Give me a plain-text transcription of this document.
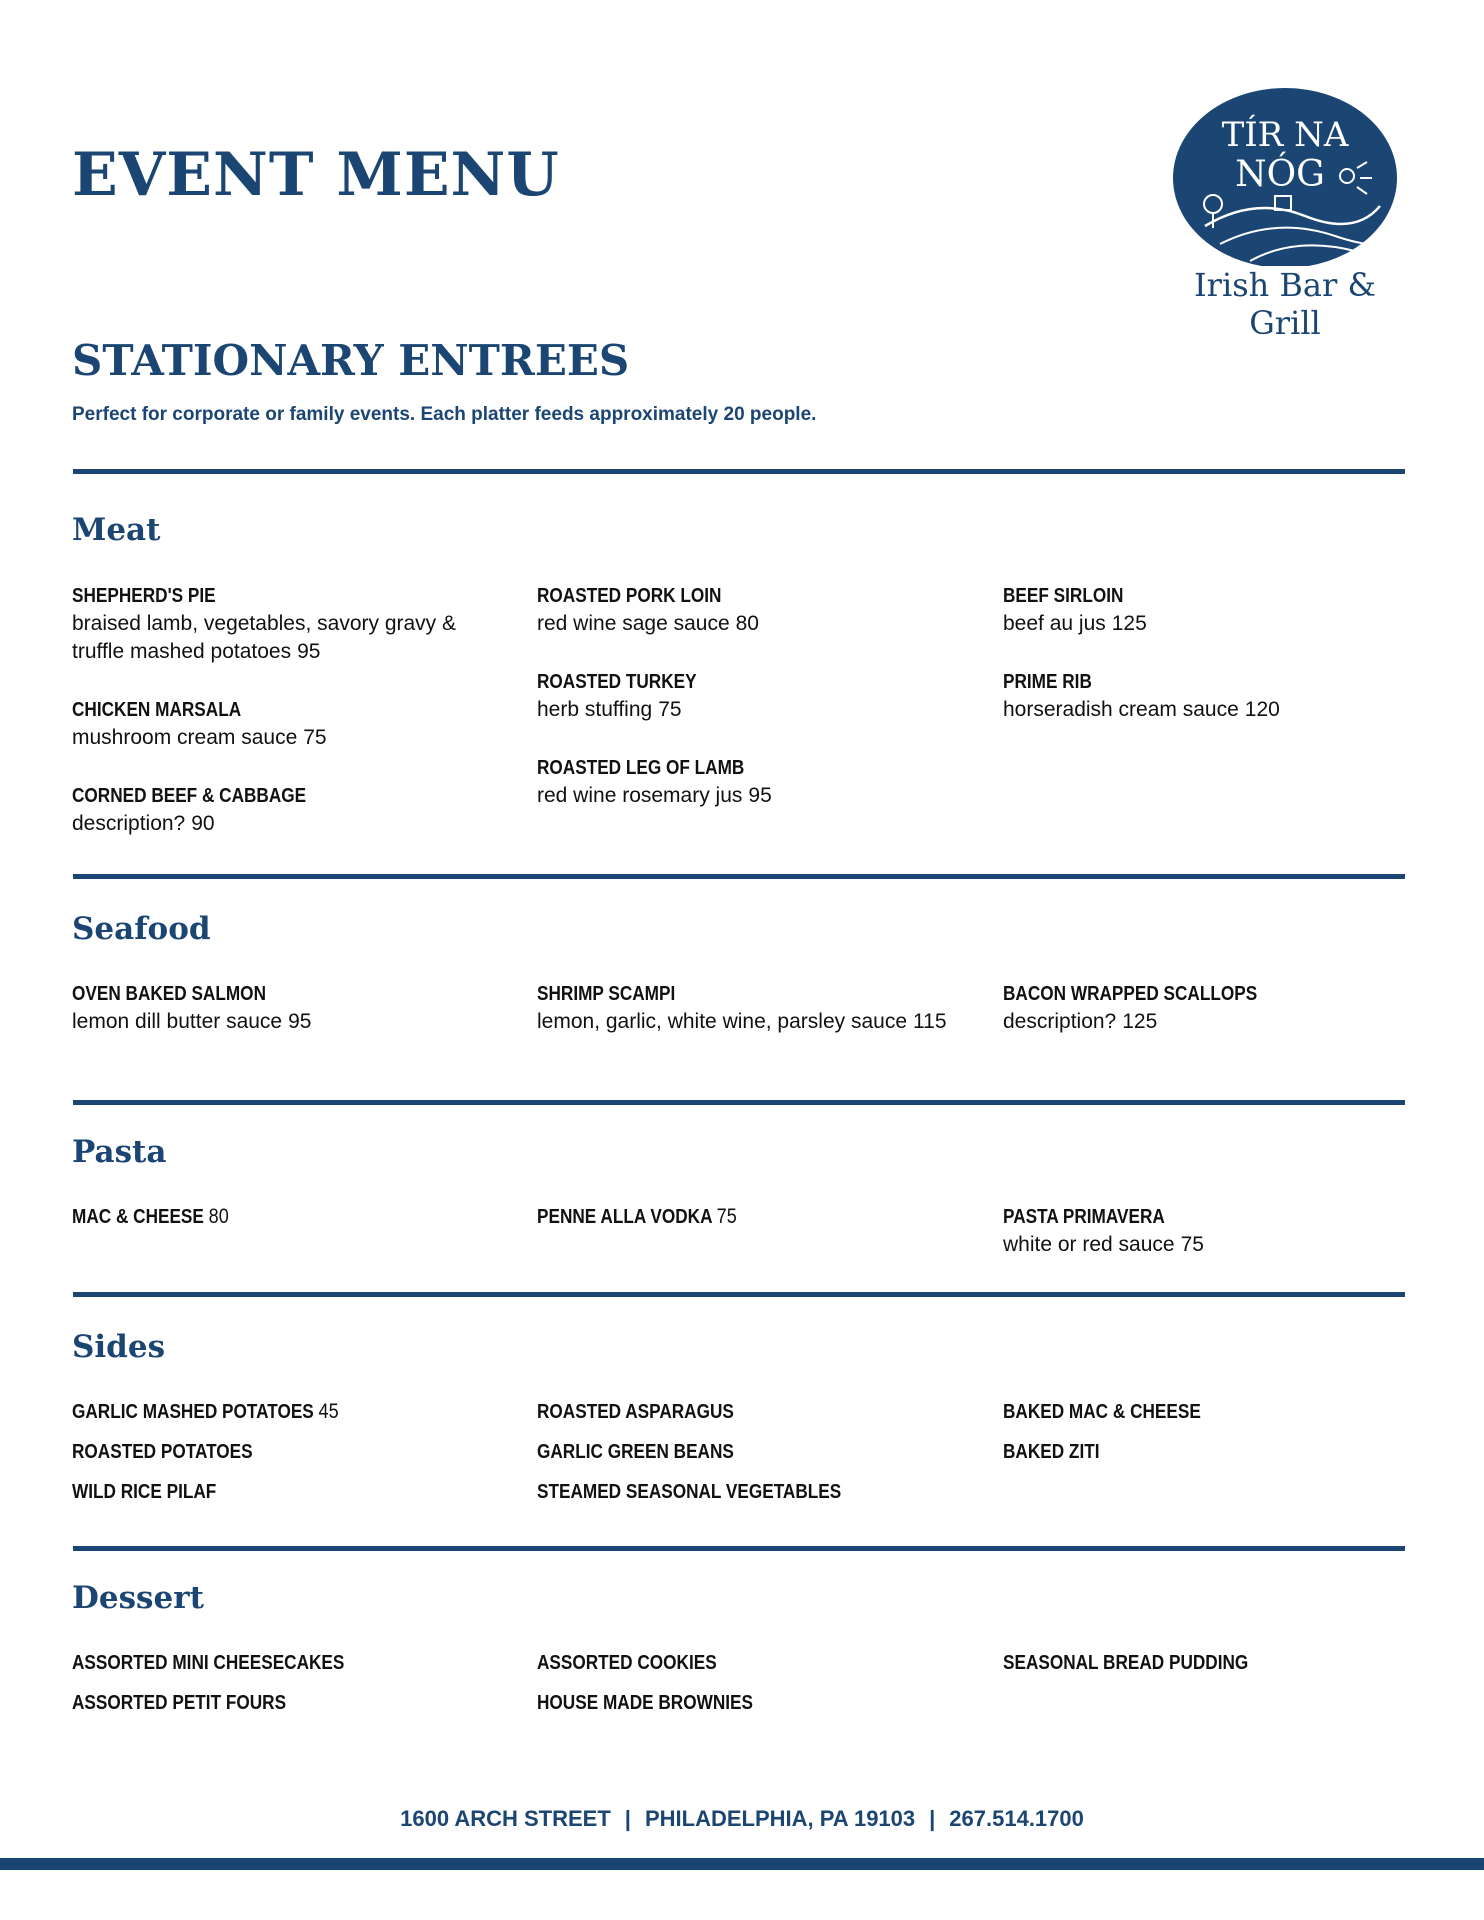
EVENT MENU
TÍR NA
NÓG
Irish Bar & Grill
STATIONARY ENTREES

Perfect for corporate or family events. Each platter feeds approximately 20 people.

Meat
SHEPHERD'S PIE
braised lamb, vegetables, savory gravy & truffle mashed potatoes 95
CHICKEN MARSALA
mushroom cream sauce 75
CORNED BEEF & CABBAGE
description? 90
ROASTED PORK LOIN
red wine sage sauce 80
ROASTED TURKEY
herb stuffing 75
ROASTED LEG OF LAMB
red wine rosemary jus 95
BEEF SIRLOIN
beef au jus 125
PRIME RIB
horseradish cream sauce 120
Seafood
OVEN BAKED SALMON
lemon dill butter sauce 95
SHRIMP SCAMPI
lemon, garlic, white wine, parsley sauce 115
BACON WRAPPED SCALLOPS
description? 125
Pasta
MAC & CHEESE 80	PENNE ALLA VODKA 75	PASTA PRIMAVERA
white or red sauce 75
Sides
GARLIC MASHED POTATOES 45
ROASTED POTATOES
WILD RICE PILAF
ROASTED ASPARAGUS
GARLIC GREEN BEANS
STEAMED SEASONAL VEGETABLES
BAKED MAC & CHEESE
BAKED ZITI
Dessert
ASSORTED MINI CHEESECAKES
ASSORTED PETIT FOURS
ASSORTED COOKIES
HOUSE MADE BROWNIES
SEASONAL BREAD PUDDING
1600 ARCH STREET | PHILADELPHIA, PA 19103 | 267.514.1700
